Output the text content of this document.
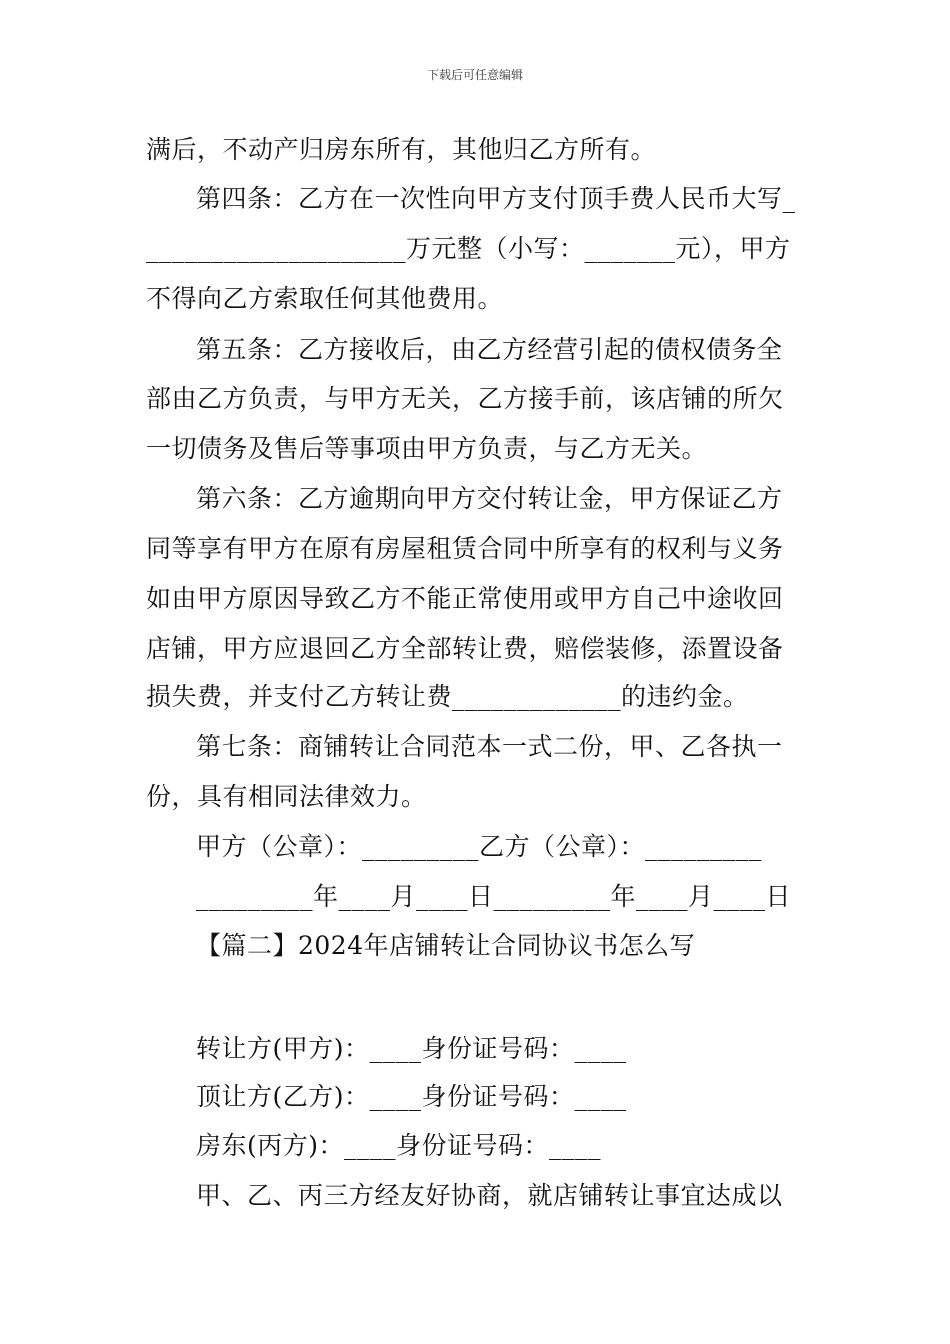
下载后可任意编辑
满后，不动产归房东所有，其他归乙方所有。
第四条：乙方在一次性向甲方支付顶手费人民币大写_
____________________万元整（小写：_______元），甲方
不得向乙方索取任何其他费用。
第五条：乙方接收后，由乙方经营引起的债权债务全
部由乙方负责，与甲方无关，乙方接手前，该店铺的所欠
一切债务及售后等事项由甲方负责，与乙方无关。
第六条：乙方逾期向甲方交付转让金，甲方保证乙方
同等享有甲方在原有房屋租赁合同中所享有的权利与义务
如由甲方原因导致乙方不能正常使用或甲方自己中途收回
店铺，甲方应退回乙方全部转让费，赔偿装修，添置设备
损失费，并支付乙方转让费_____________的违约金。
第七条：商铺转让合同范本一式二份，甲、乙各执一
份，具有相同法律效力。
甲方（公章）：_________乙方（公章）：_________
_________年____月____日_________年____月____日
【篇二】2024年店铺转让合同协议书怎么写
转让方(甲方)：____身份证号码：____
顶让方(乙方)：____身份证号码：____
房东(丙方)：____身份证号码：____
甲、乙、丙三方经友好协商，就店铺转让事宜达成以
